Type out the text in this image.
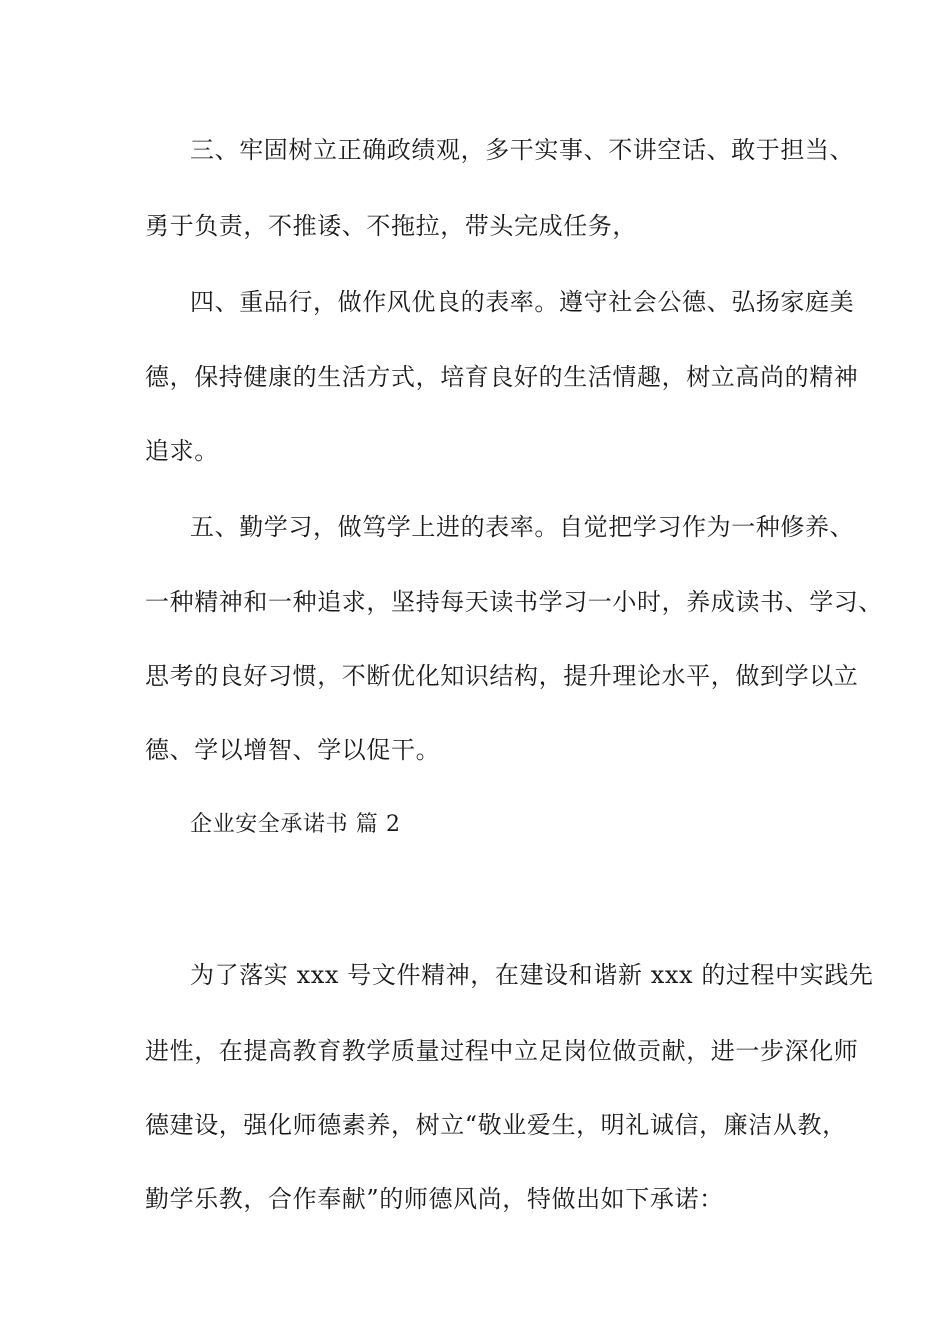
三、牢固树立正确政绩观，多干实事、不讲空话、敢于担当、
勇于负责，不推诿、不拖拉，带头完成任务，
四、重品行，做作风优良的表率。遵守社会公德、弘扬家庭美
德，保持健康的生活方式，培育良好的生活情趣，树立高尚的精神
追求。
五、勤学习，做笃学上进的表率。自觉把学习作为一种修养、
一种精神和一种追求，坚持每天读书学习一小时，养成读书、学习、
思考的良好习惯，不断优化知识结构，提升理论水平，做到学以立
德、学以增智、学以促干。
企业安全承诺书 篇 2
为了落实 xxx 号文件精神，在建设和谐新 xxx 的过程中实践先
进性，在提高教育教学质量过程中立足岗位做贡献，进一步深化师
德建设，强化师德素养，树立“敬业爱生，明礼诚信，廉洁从教，
勤学乐教，合作奉献”的师德风尚，特做出如下承诺：
